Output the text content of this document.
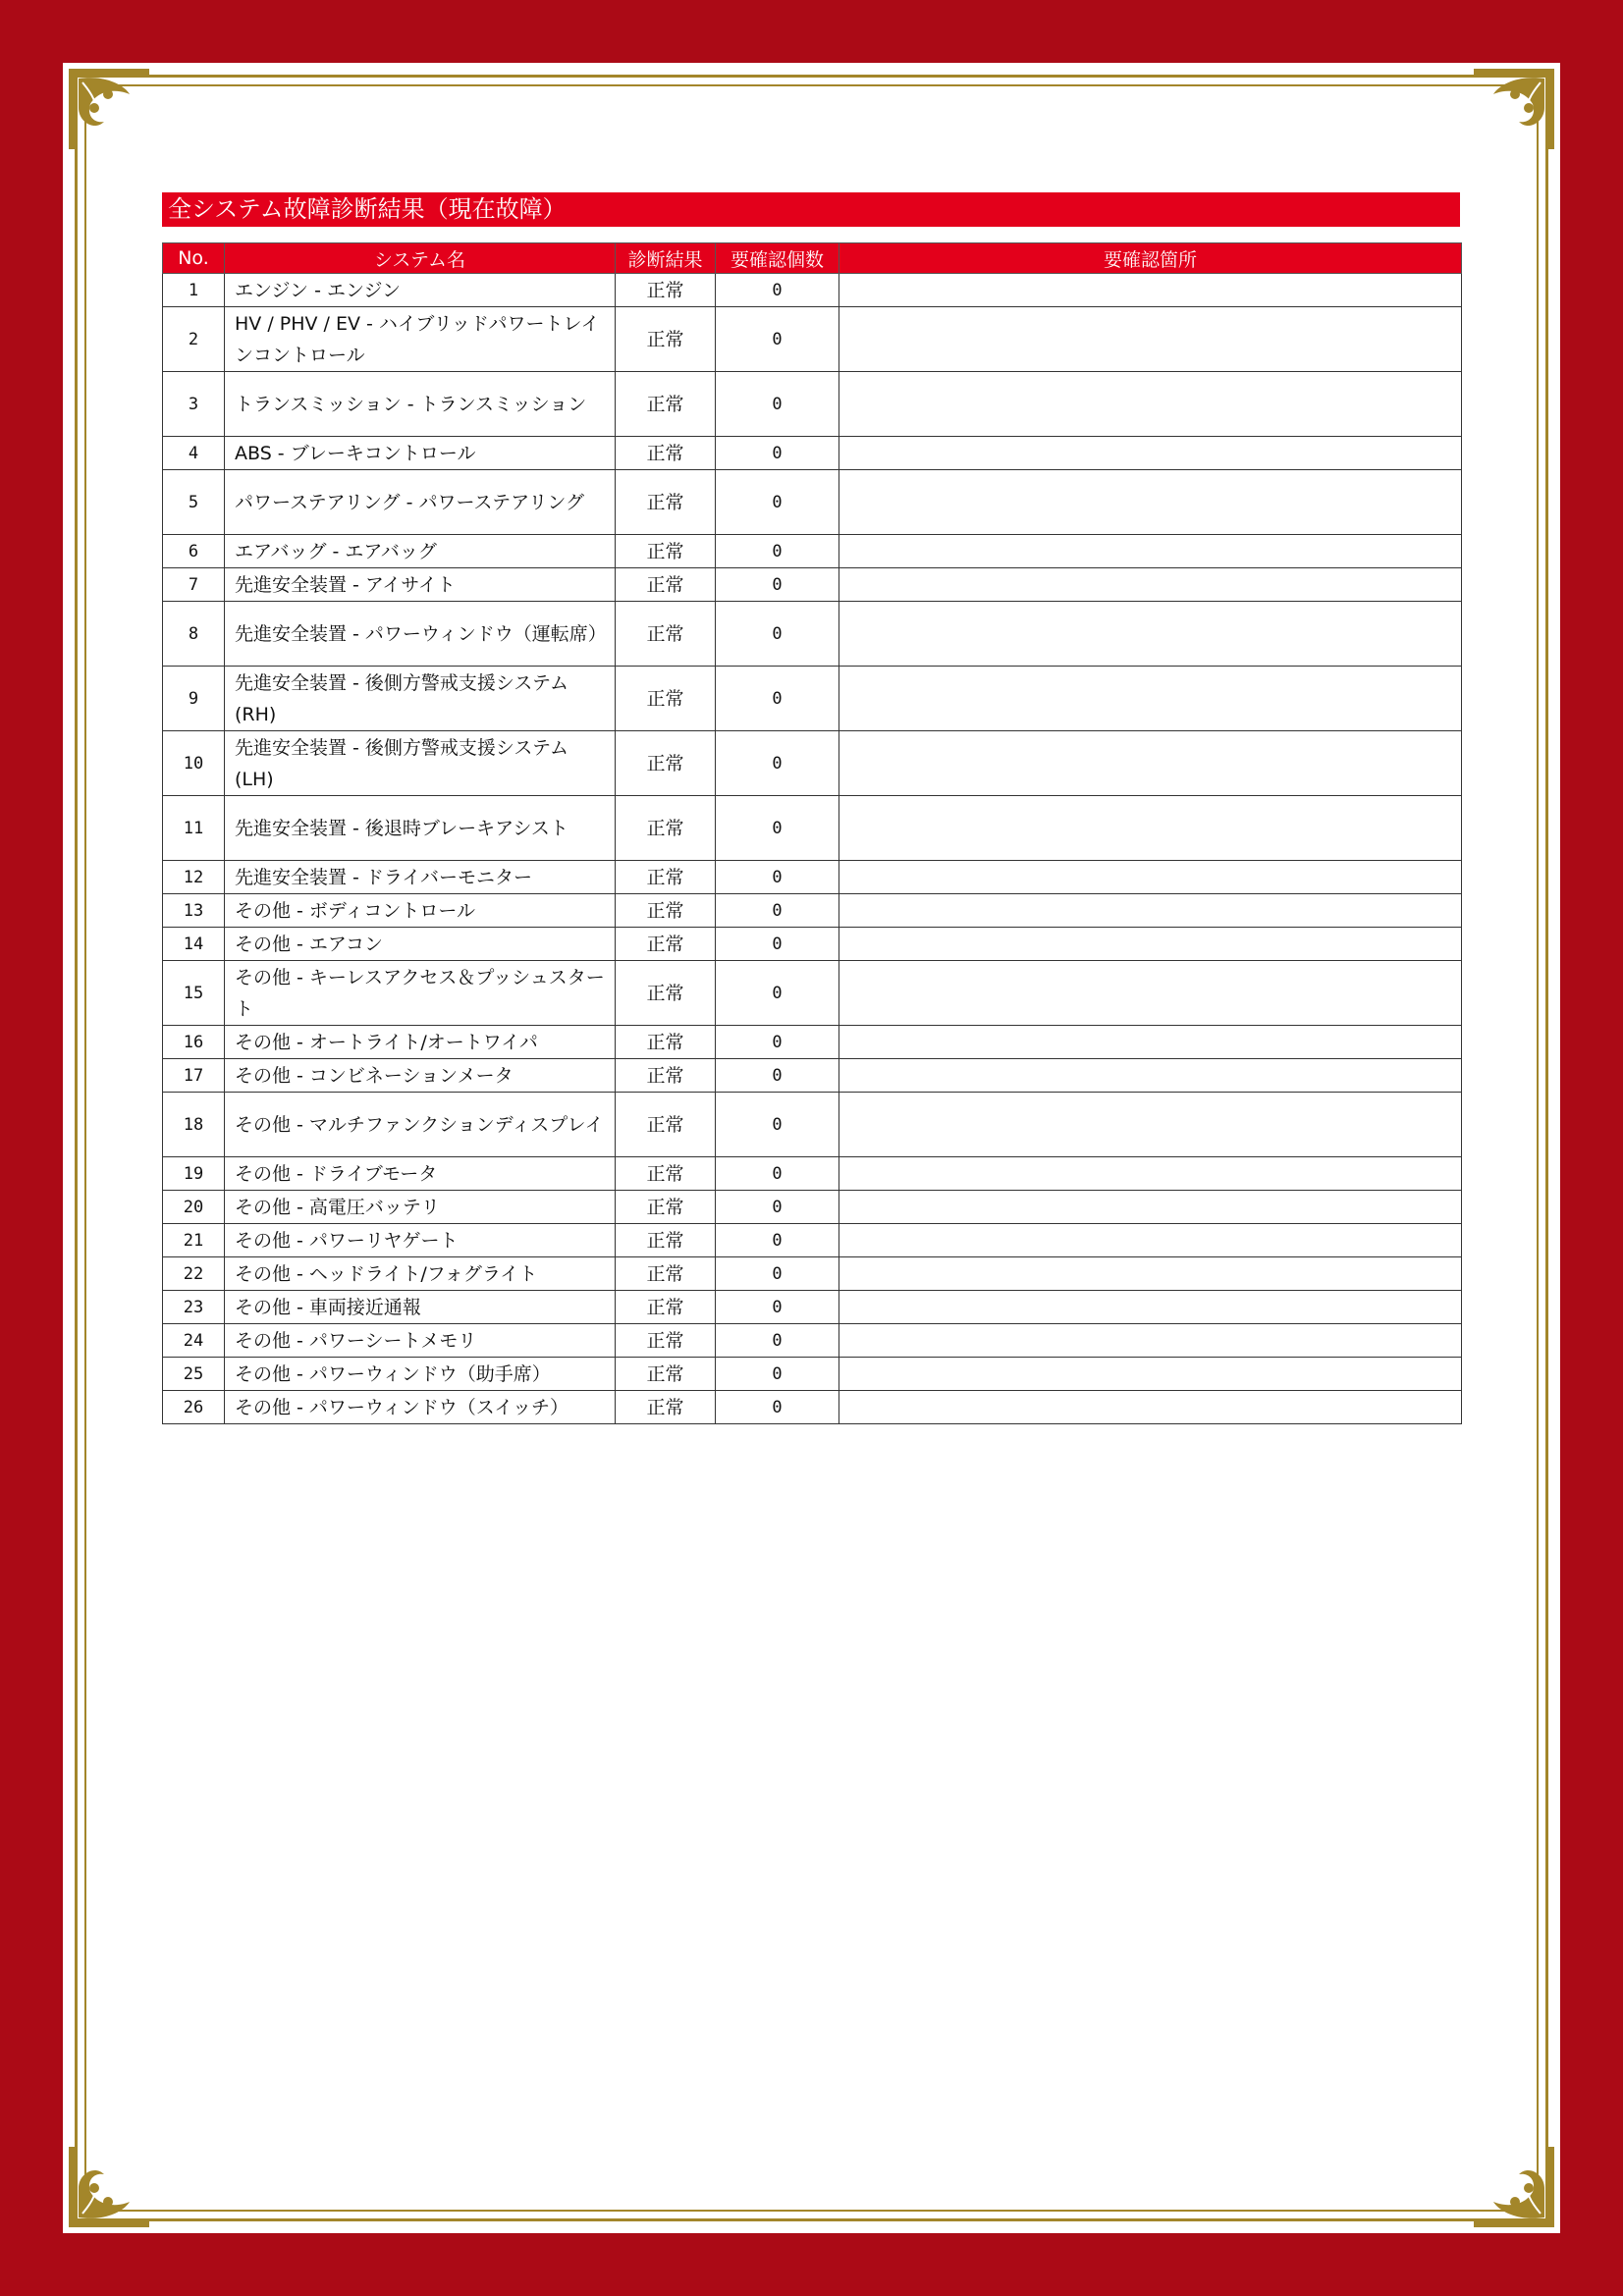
全システム故障診断結果（現在故障）
No.	システム名	診断結果	要確認個数	要確認箇所
1	エンジン - エンジン	正常	0	
2	HV / PHV / EV - ハイブリッドパワートレインコントロール	正常	0	
3	トランスミッション - トランスミッション	正常	0	
4	ABS - ブレーキコントロール	正常	0	
5	パワーステアリング - パワーステアリング	正常	0	
6	エアバッグ - エアバッグ	正常	0	
7	先進安全装置 - アイサイト	正常	0	
8	先進安全装置 - パワーウィンドウ（運転席）	正常	0	
9	先進安全装置 - 後側方警戒支援システム(RH)	正常	0	
10	先進安全装置 - 後側方警戒支援システム(LH)	正常	0	
11	先進安全装置 - 後退時ブレーキアシスト	正常	0	
12	先進安全装置 - ドライバーモニター	正常	0	
13	その他 - ボディコントロール	正常	0	
14	その他 - エアコン	正常	0	
15	その他 - キーレスアクセス＆プッシュスタート	正常	0	
16	その他 - オートライト/オートワイパ	正常	0	
17	その他 - コンビネーションメータ	正常	0	
18	その他 - マルチファンクションディスプレイ	正常	0	
19	その他 - ドライブモータ	正常	0	
20	その他 - 高電圧バッテリ	正常	0	
21	その他 - パワーリヤゲート	正常	0	
22	その他 - ヘッドライト/フォグライト	正常	0	
23	その他 - 車両接近通報	正常	0	
24	その他 - パワーシートメモリ	正常	0	
25	その他 - パワーウィンドウ（助手席）	正常	0	
26	その他 - パワーウィンドウ（スイッチ）	正常	0	
